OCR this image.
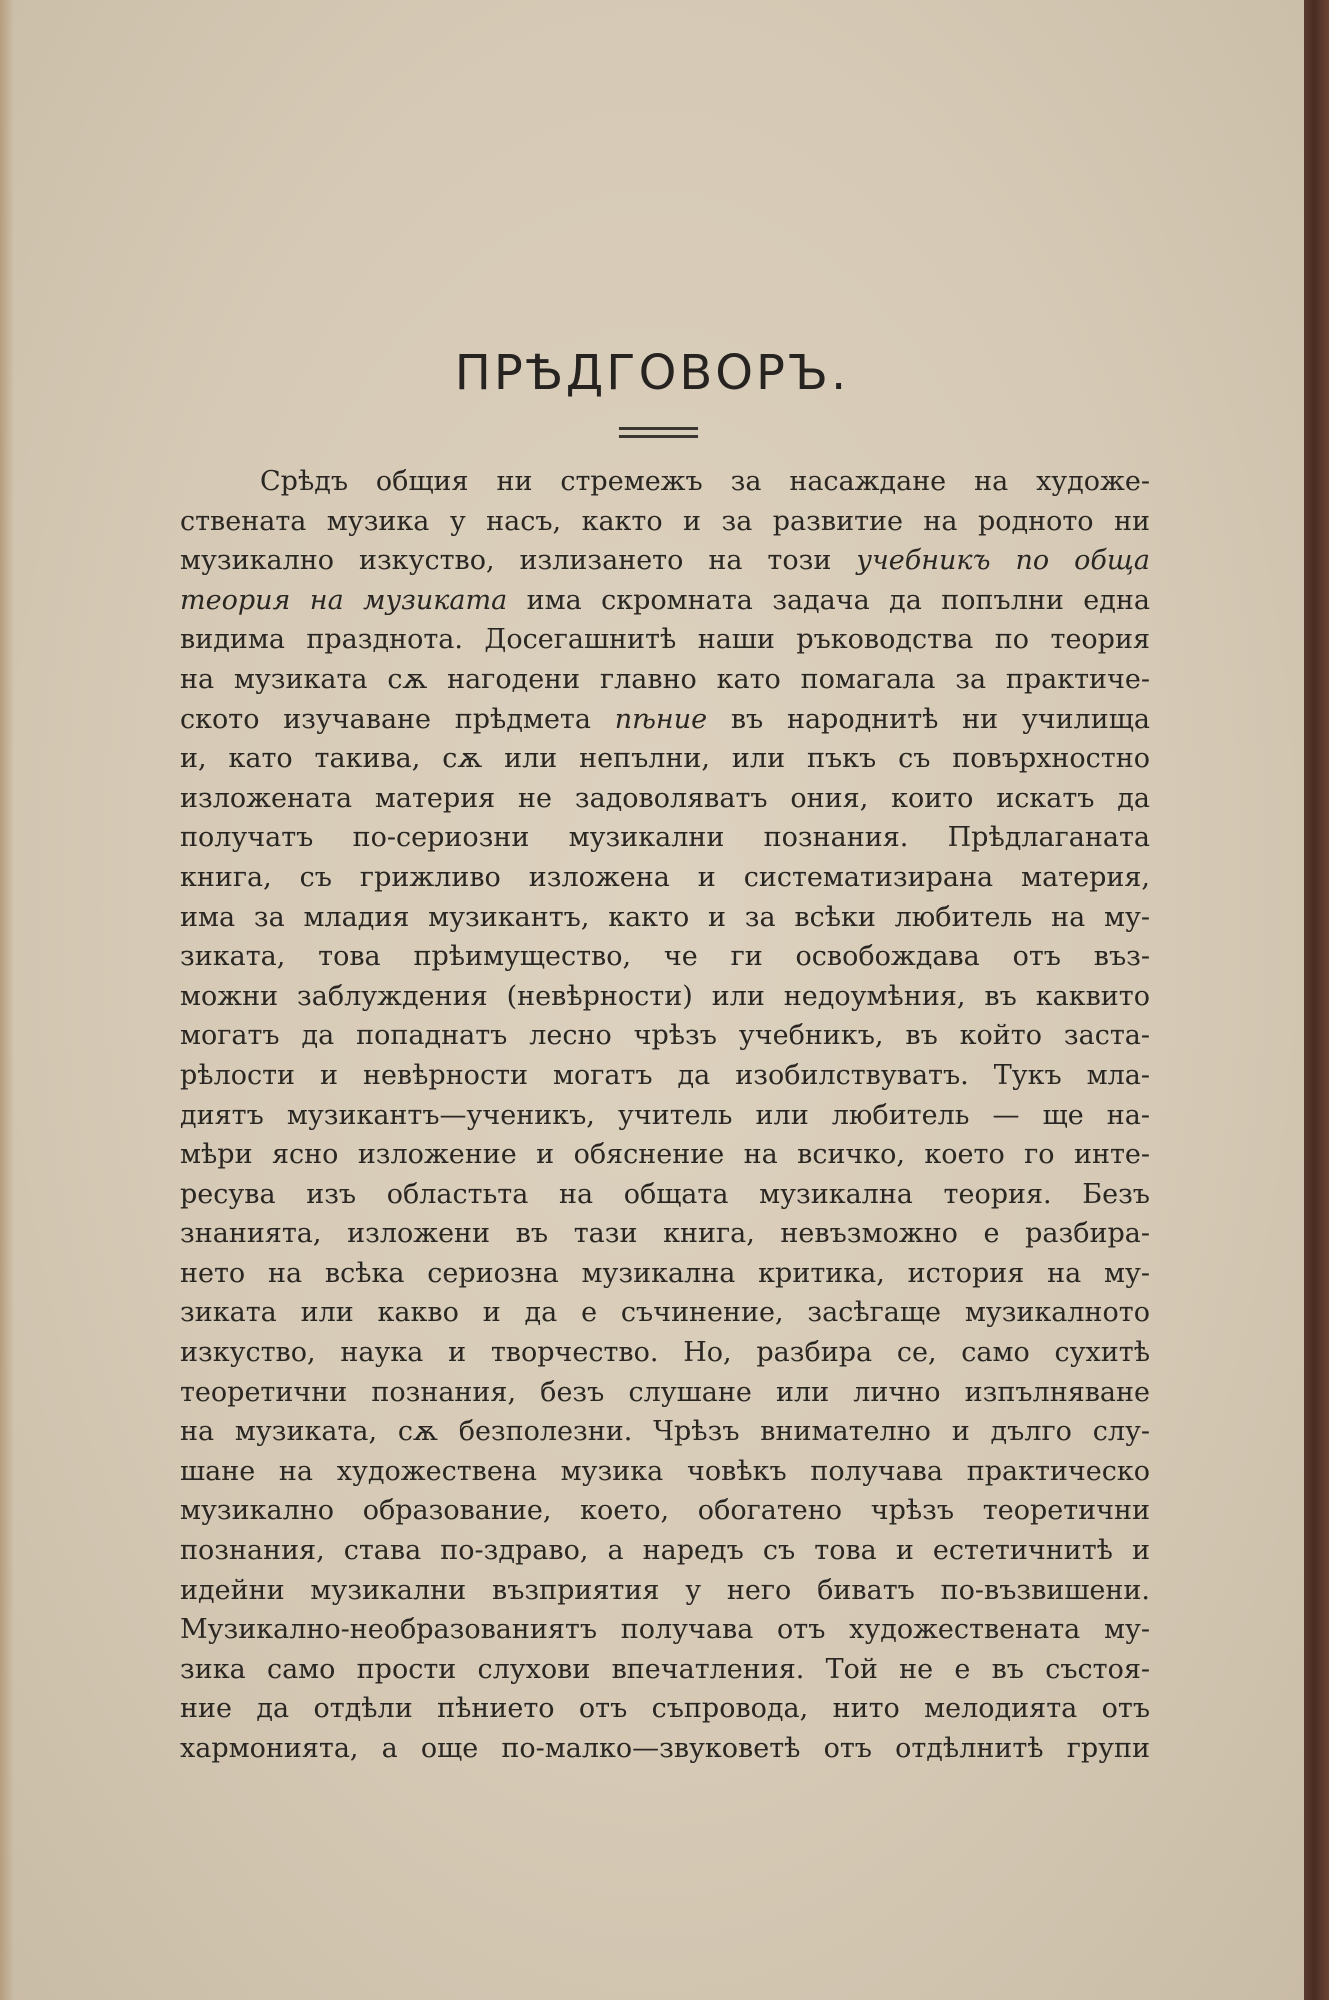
ПРѢДГОВОРЪ.
Срѣдъ общия ни стремежъ за насаждане на художе-
ствената музика у насъ, както и за развитие на родното ни
музикално изкуство, излизането на този учебникъ по обща
теория на музиката има скромната задача да попълни една
видима празднота. Досегашнитѣ наши ръководства по теория
на музиката сѫ нагодени главно като помагала за практиче-
ското изучаване прѣдмета пѣние въ народнитѣ ни училища
и, като такива, сѫ или непълни, или пъкъ съ повърхностно
изложената материя не задоволяватъ ония, които искатъ да
получатъ по-сериозни музикални познания. Прѣдлаганата
книга, съ грижливо изложена и систематизирана материя,
има за младия музикантъ, както и за всѣки любитель на му-
зиката, това прѣимущество, че ги освобождава отъ въз-
можни заблуждения (невѣрности) или недоумѣния, въ каквито
могатъ да попаднатъ лесно чрѣзъ учебникъ, въ който заста-
рѣлости и невѣрности могатъ да изобилствуватъ. Тукъ мла-
диятъ музикантъ—ученикъ, учитель или любитель — ще на-
мѣри ясно изложение и обяснение на всичко, което го инте-
ресува изъ областьта на общата музикална теория. Безъ
знанията, изложени въ тази книга, невъзможно е разбира-
нето на всѣка сериозна музикална критика, история на му-
зиката или какво и да е съчинение, засѣгаще музикалното
изкуство, наука и творчество. Но, разбира се, само сухитѣ
теоретични познания, безъ слушане или лично изпълняване
на музиката, сѫ безполезни. Чрѣзъ внимателно и дълго слу-
шане на художествена музика човѣкъ получава практическо
музикално образование, което, обогатено чрѣзъ теоретични
познания, става по-здраво, а наредъ съ това и естетичнитѣ и
идейни музикални възприятия у него биватъ по-възвишени.
Музикално-необразованиятъ получава отъ художествената му-
зика само прости слухови впечатления. Той не е въ състоя-
ние да отдѣли пѣнието отъ съпровода, нито мелодията отъ
хармонията, а още по-малко—звуковетѣ отъ отдѣлнитѣ групи
